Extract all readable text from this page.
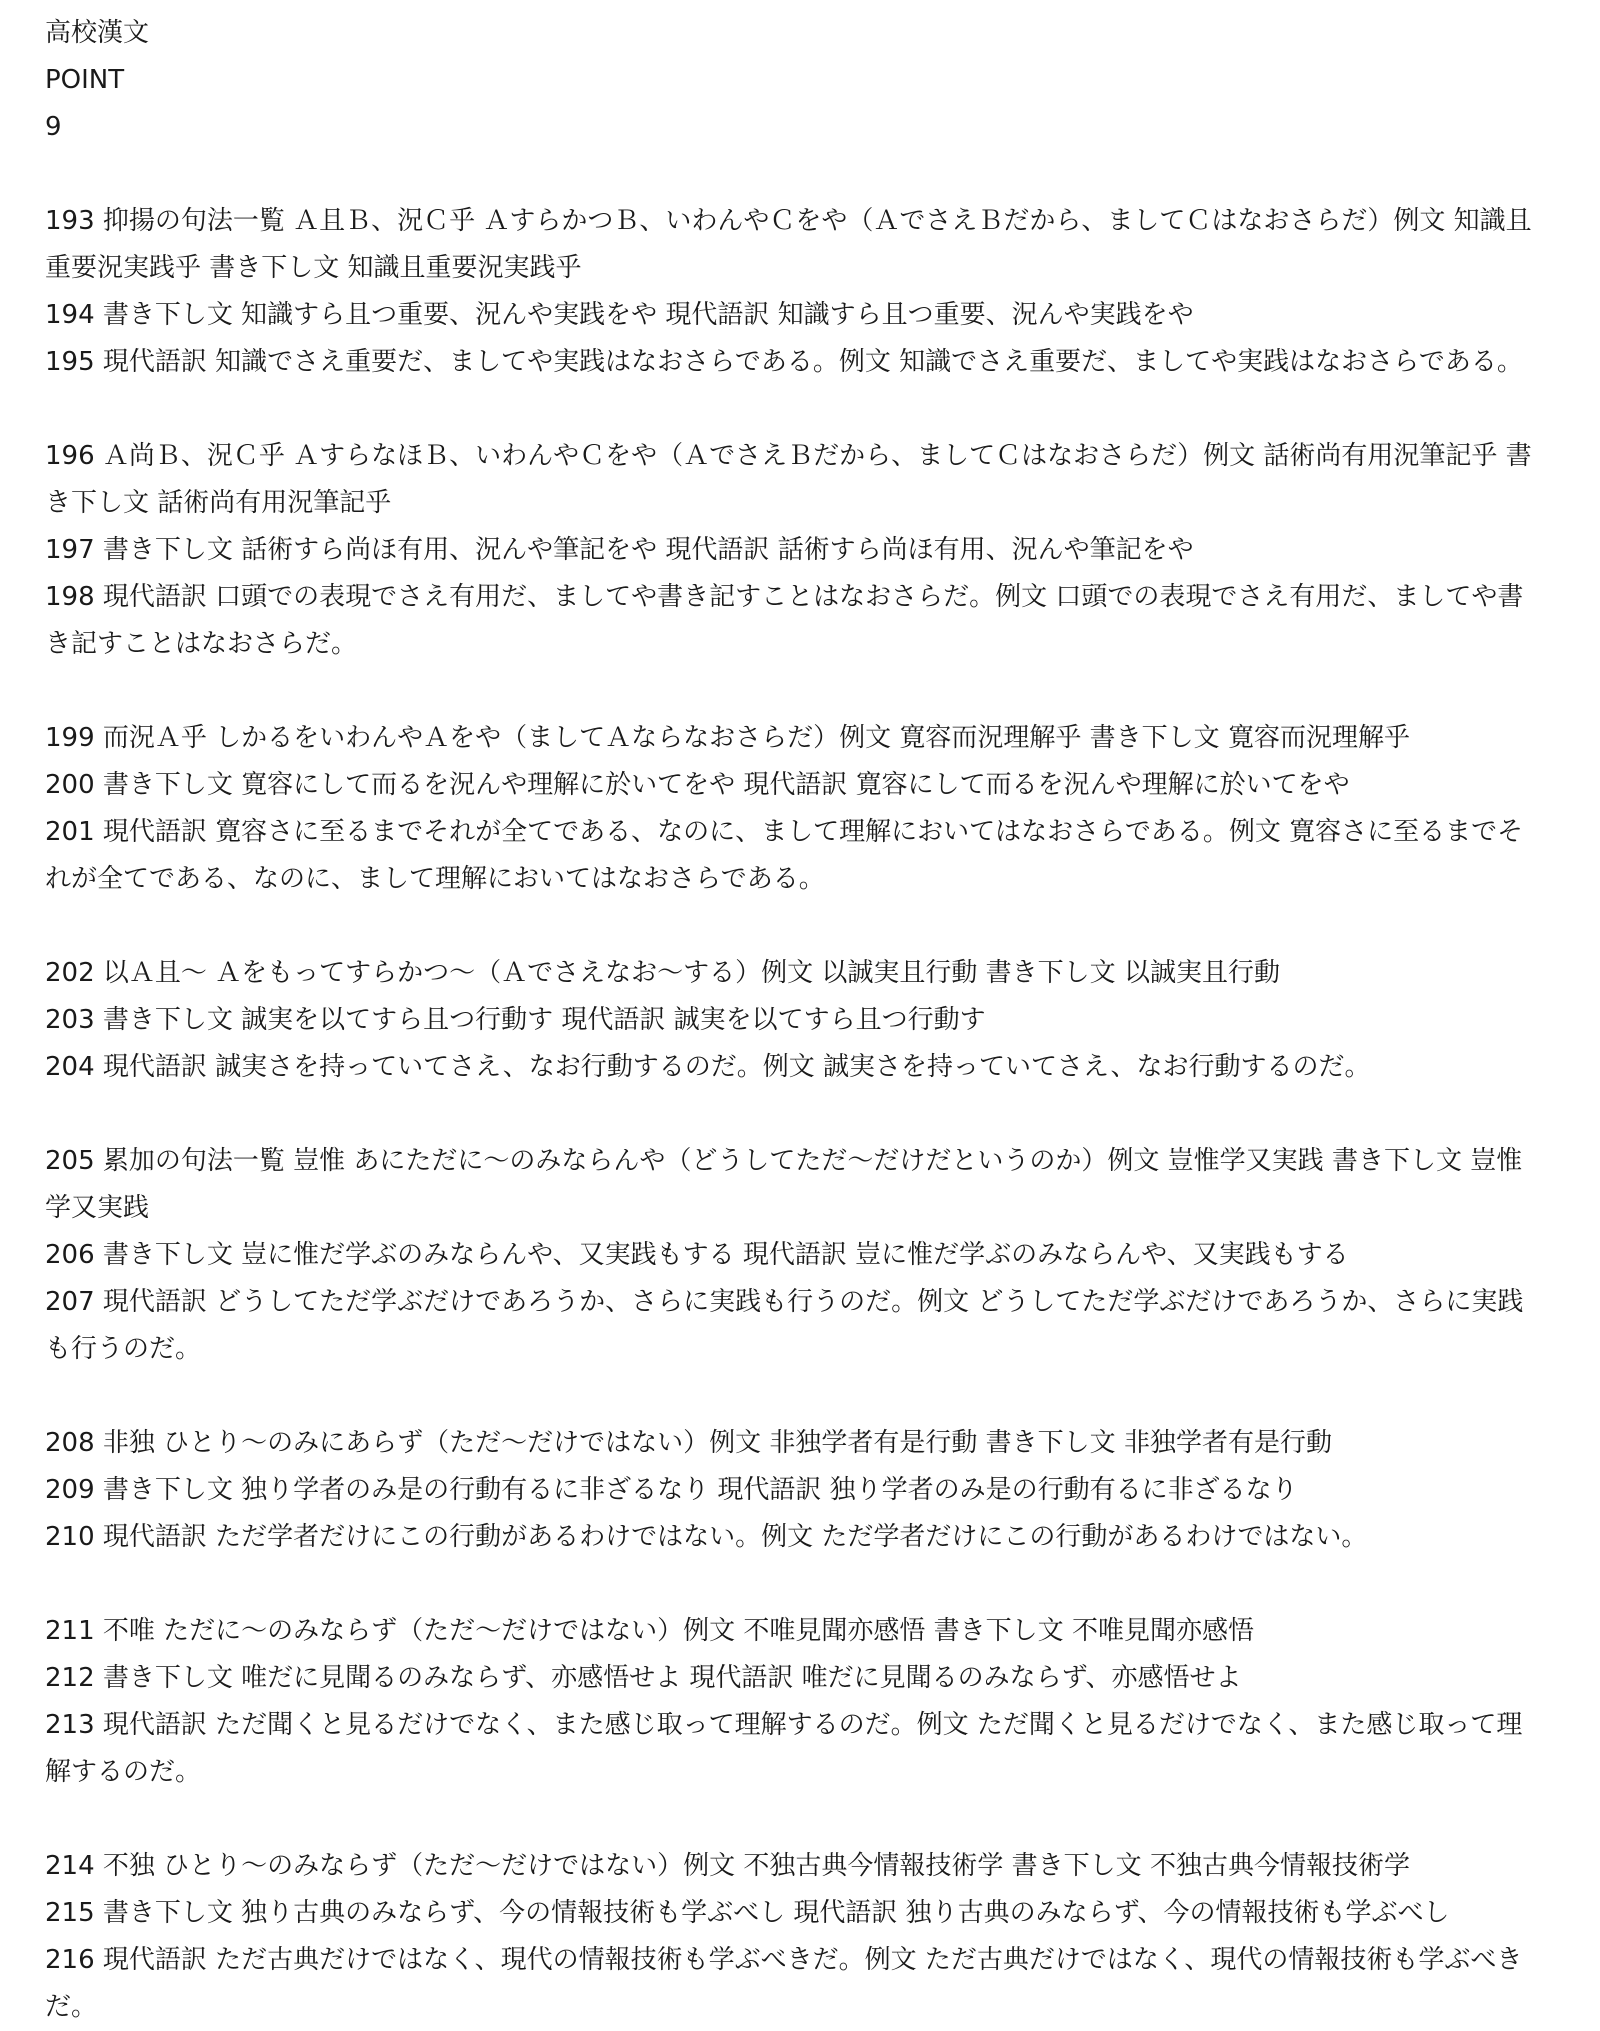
高校漢文
POINT
9
193 抑揚の句法一覧 Ａ且Ｂ、況Ｃ乎 ＡすらかつＢ、いわんやＣをや（ＡでさえＢだから、ましてＣはなおさらだ）例文 知識且重要況実践乎 書き下し文 知識且重要況実践乎
194 書き下し文 知識すら且つ重要、況んや実践をや 現代語訳 知識すら且つ重要、況んや実践をや
195 現代語訳 知識でさえ重要だ、ましてや実践はなおさらである。例文 知識でさえ重要だ、ましてや実践はなおさらである。
196 Ａ尚Ｂ、況Ｃ乎 ＡすらなほＢ、いわんやＣをや（ＡでさえＢだから、ましてＣはなおさらだ）例文 話術尚有用況筆記乎 書き下し文 話術尚有用況筆記乎
197 書き下し文 話術すら尚ほ有用、況んや筆記をや 現代語訳 話術すら尚ほ有用、況んや筆記をや
198 現代語訳 口頭での表現でさえ有用だ、ましてや書き記すことはなおさらだ。例文 口頭での表現でさえ有用だ、ましてや書き記すことはなおさらだ。
199 而況Ａ乎 しかるをいわんやＡをや（ましてＡならなおさらだ）例文 寛容而況理解乎 書き下し文 寛容而況理解乎
200 書き下し文 寛容にして而るを況んや理解に於いてをや 現代語訳 寛容にして而るを況んや理解に於いてをや
201 現代語訳 寛容さに至るまでそれが全てである、なのに、まして理解においてはなおさらである。例文 寛容さに至るまでそれが全てである、なのに、まして理解においてはなおさらである。
202 以Ａ且〜 Ａをもってすらかつ〜（Ａでさえなお〜する）例文 以誠実且行動 書き下し文 以誠実且行動
203 書き下し文 誠実を以てすら且つ行動す 現代語訳 誠実を以てすら且つ行動す
204 現代語訳 誠実さを持っていてさえ、なお行動するのだ。例文 誠実さを持っていてさえ、なお行動するのだ。
205 累加の句法一覧 豈惟 あにただに〜のみならんや（どうしてただ〜だけだというのか）例文 豈惟学又実践 書き下し文 豈惟学又実践
206 書き下し文 豈に惟だ学ぶのみならんや、又実践もする 現代語訳 豈に惟だ学ぶのみならんや、又実践もする
207 現代語訳 どうしてただ学ぶだけであろうか、さらに実践も行うのだ。例文 どうしてただ学ぶだけであろうか、さらに実践も行うのだ。
208 非独 ひとり〜のみにあらず（ただ〜だけではない）例文 非独学者有是行動 書き下し文 非独学者有是行動
209 書き下し文 独り学者のみ是の行動有るに非ざるなり 現代語訳 独り学者のみ是の行動有るに非ざるなり
210 現代語訳 ただ学者だけにこの行動があるわけではない。例文 ただ学者だけにこの行動があるわけではない。
211 不唯 ただに〜のみならず（ただ〜だけではない）例文 不唯見聞亦感悟 書き下し文 不唯見聞亦感悟
212 書き下し文 唯だに見聞るのみならず、亦感悟せよ 現代語訳 唯だに見聞るのみならず、亦感悟せよ
213 現代語訳 ただ聞くと見るだけでなく、また感じ取って理解するのだ。例文 ただ聞くと見るだけでなく、また感じ取って理解するのだ。
214 不独 ひとり〜のみならず（ただ〜だけではない）例文 不独古典今情報技術学 書き下し文 不独古典今情報技術学
215 書き下し文 独り古典のみならず、今の情報技術も学ぶべし 現代語訳 独り古典のみならず、今の情報技術も学ぶべし
216 現代語訳 ただ古典だけではなく、現代の情報技術も学ぶべきだ。例文 ただ古典だけではなく、現代の情報技術も学ぶべきだ。
